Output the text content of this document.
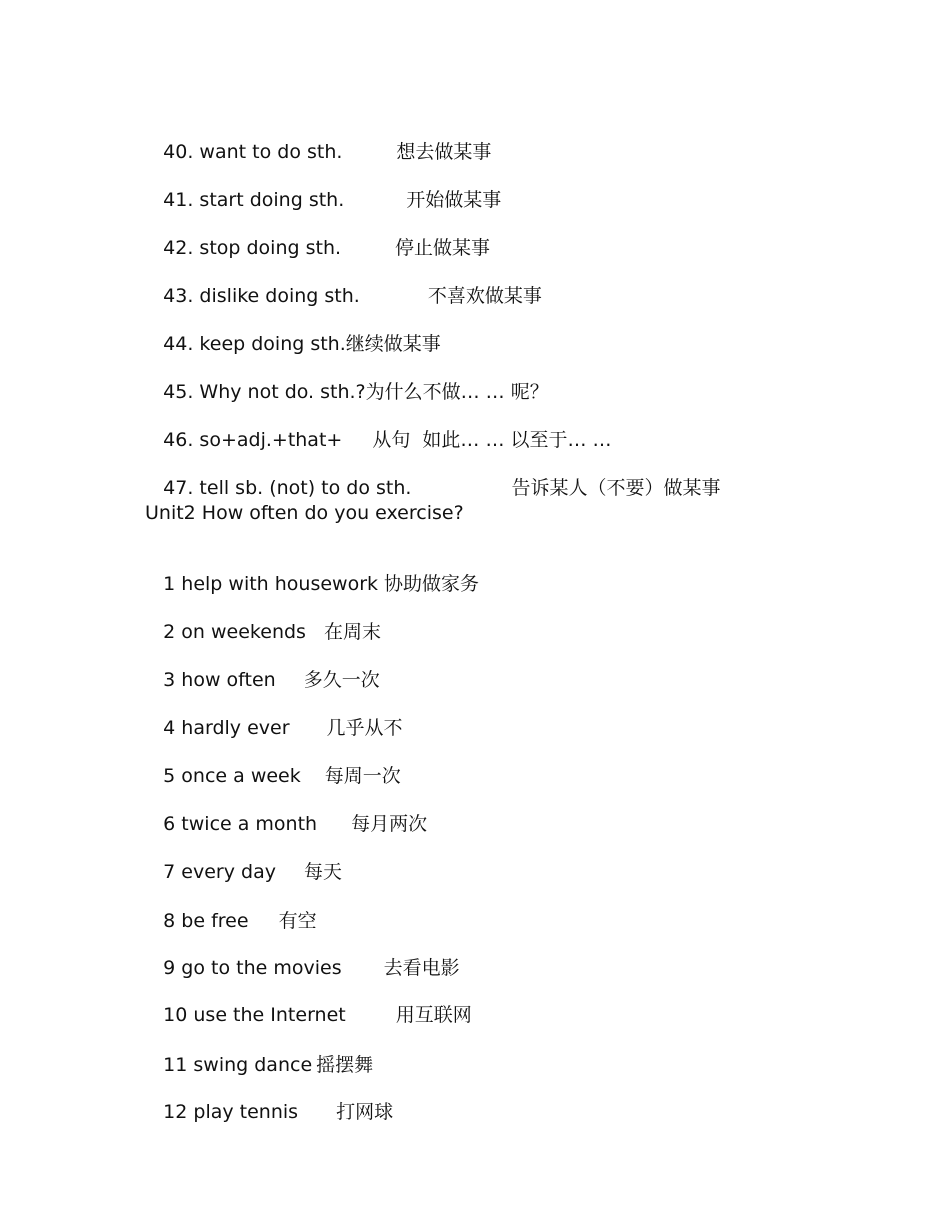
40. want to do sth.	想去做某事

41. start doing sth.	开始做某事

42. stop doing sth.	停止做某事

43. dislike doing sth.	不喜欢做某事

44. keep doing sth.继续做某事

45. Why not do. sth.?为什么不做… … 呢？

46. so+adj.+that+ 从句  如此… … 以至于… …

47. tell sb. (not) to do sth.	告诉某人（不要）做某事

Unit2 How often do you exercise?

1 help with housework 协助做家务

2 on weekends 在周末

3 how often 多久一次

4 hardly ever 几乎从不

5 once a week 每周一次

6 twice a month 每月两次

7 every day 每天

8 be free 有空

9 go to the movies 去看电影

10 use the Internet	用互联网

11 swing dance 摇摆舞

12 play tennis 打网球
